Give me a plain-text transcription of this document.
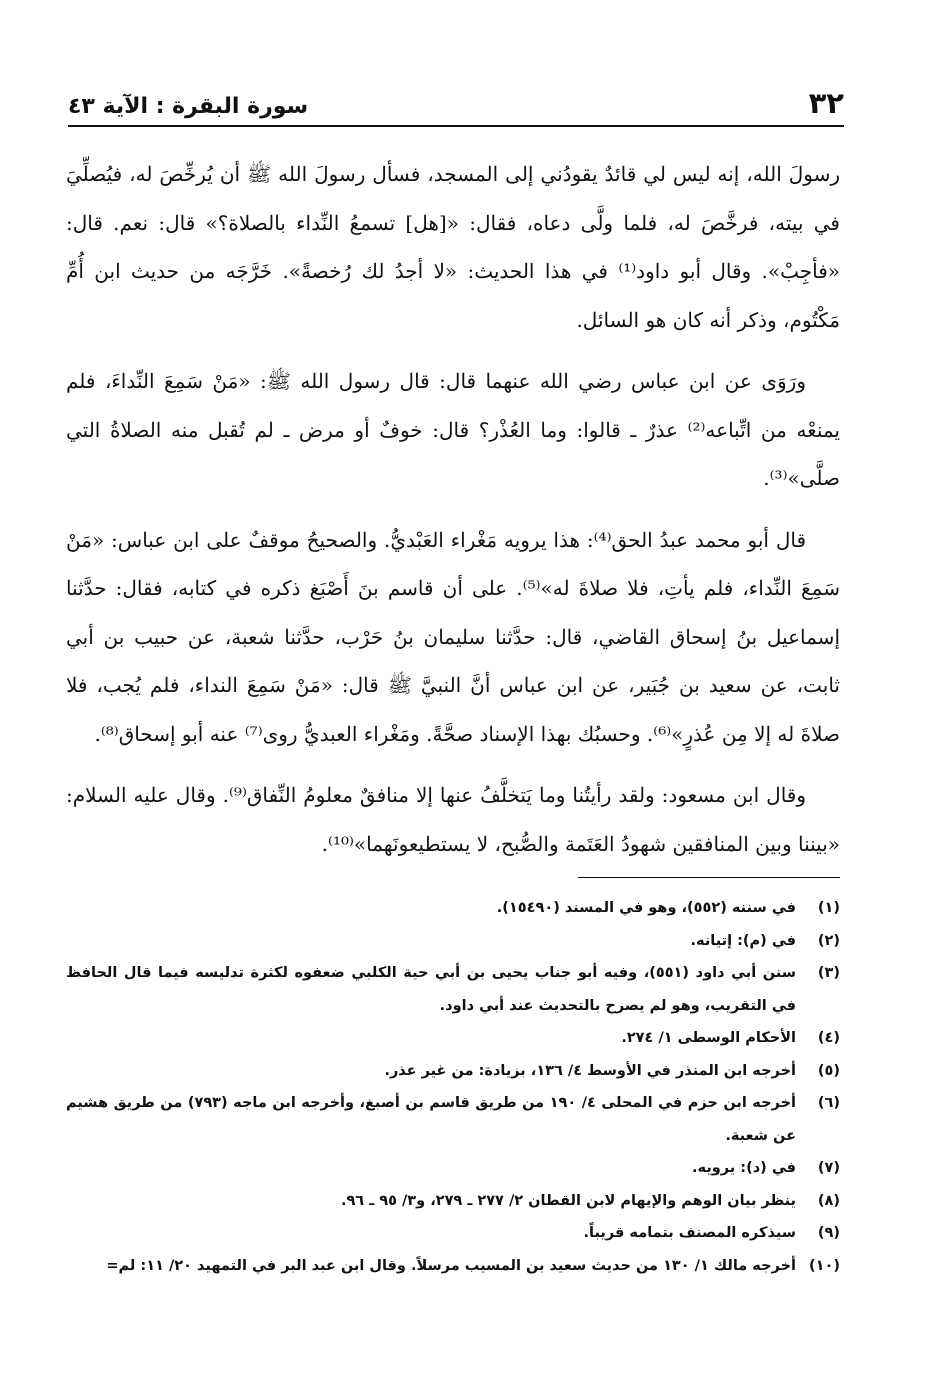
٣٢
سورة البقرة : الآية ٤٣

رسولَ الله، إنه ليس لي قائدٌ يقودُني إلى المسجد، فسأل رسولَ الله ﷺ أن يُرخِّصَ له، فيُصلِّيَ في بيته، فرخَّصَ له، فلما ولَّى دعاه، فقال: «[هل] تسمعُ النِّداء بالصلاة؟» قال: نعم. قال: «فأجِبْ». وقال أبو داود⁽¹⁾ في هذا الحديث: «لا أجدُ لك رُخصةً». خَرَّجَه من حديث ابن أُمِّ مَكْتُوم، وذكر أنه كان هو السائل.

ورَوَى عن ابن عباس رضي الله عنهما قال: قال رسول الله ﷺ: «مَنْ سَمِعَ النِّداءَ، فلم يمنعْه من اتِّباعه⁽²⁾ عذرٌ ـ قالوا: وما العُذْر؟ قال: خوفٌ أو مرض ـ لم تُقبل منه الصلاةُ التي صلَّى»⁽³⁾.

قال أبو محمد عبدُ الحق⁽⁴⁾: هذا يرويه مَغْراء العَبْديُّ. والصحيحُ موقفٌ على ابن عباس: «مَنْ سَمِعَ النِّداء، فلم يأتِ، فلا صلاةَ له»⁽⁵⁾. على أن قاسم بنَ أَصْبَغ ذكره في كتابه، فقال: حدَّثنا إسماعيل بنُ إسحاق القاضي، قال: حدَّثنا سليمان بنُ حَرْب، حدَّثنا شعبة، عن حبيب بن أبي ثابت، عن سعيد بن جُبَير، عن ابن عباس أنَّ النبيَّ ﷺ قال: «مَنْ سَمِعَ النداء، فلم يُجب، فلا صلاةَ له إلا مِن عُذرٍ»⁽⁶⁾. وحسبُك بهذا الإسناد صحَّةً. ومَغْراء العبديُّ روى⁽⁷⁾ عنه أبو إسحاق⁽⁸⁾.

وقال ابن مسعود: ولقد رأيتُنا وما يَتخلَّفُ عنها إلا منافقٌ معلومُ النِّفاق⁽⁹⁾. وقال عليه السلام: «بيننا وبين المنافقين شهودُ العَتَمة والصُّبح، لا يستطيعونَهما»⁽¹⁰⁾.

(١)
في سننه (٥٥٢)، وهو في المسند (١٥٤٩٠).
(٢)
في (م): إتيانه.
(٣)
سنن أبي داود (٥٥١)، وفيه أبو جناب يحيى بن أبي حية الكلبي ضعفوه لكثرة تدليسه فيما قال الحافظ في التقريب، وهو لم يصرح بالتحديث عند أبي داود.
(٤)
الأحكام الوسطى ١/ ٢٧٤.
(٥)
أخرجه ابن المنذر في الأوسط ٤/ ١٣٦، بزيادة: من غير عذر.
(٦)
أخرجه ابن حزم في المحلى ٤/ ١٩٠ من طريق قاسم بن أصبغ، وأخرجه ابن ماجه (٧٩٣) من طريق هشيم عن شعبة.
(٧)
في (د): يرويه.
(٨)
ينظر بيان الوهم والإيهام لابن القطان ٢/ ٢٧٧ ـ ٢٧٩، و٣/ ٩٥ ـ ٩٦.
(٩)
سيذكره المصنف بتمامه قريباً.
(١٠)
أخرجه مالك ١/ ١٣٠ من حديث سعيد بن المسيب مرسلاً. وقال ابن عبد البر في التمهيد ٢٠/ ١١: لم=
